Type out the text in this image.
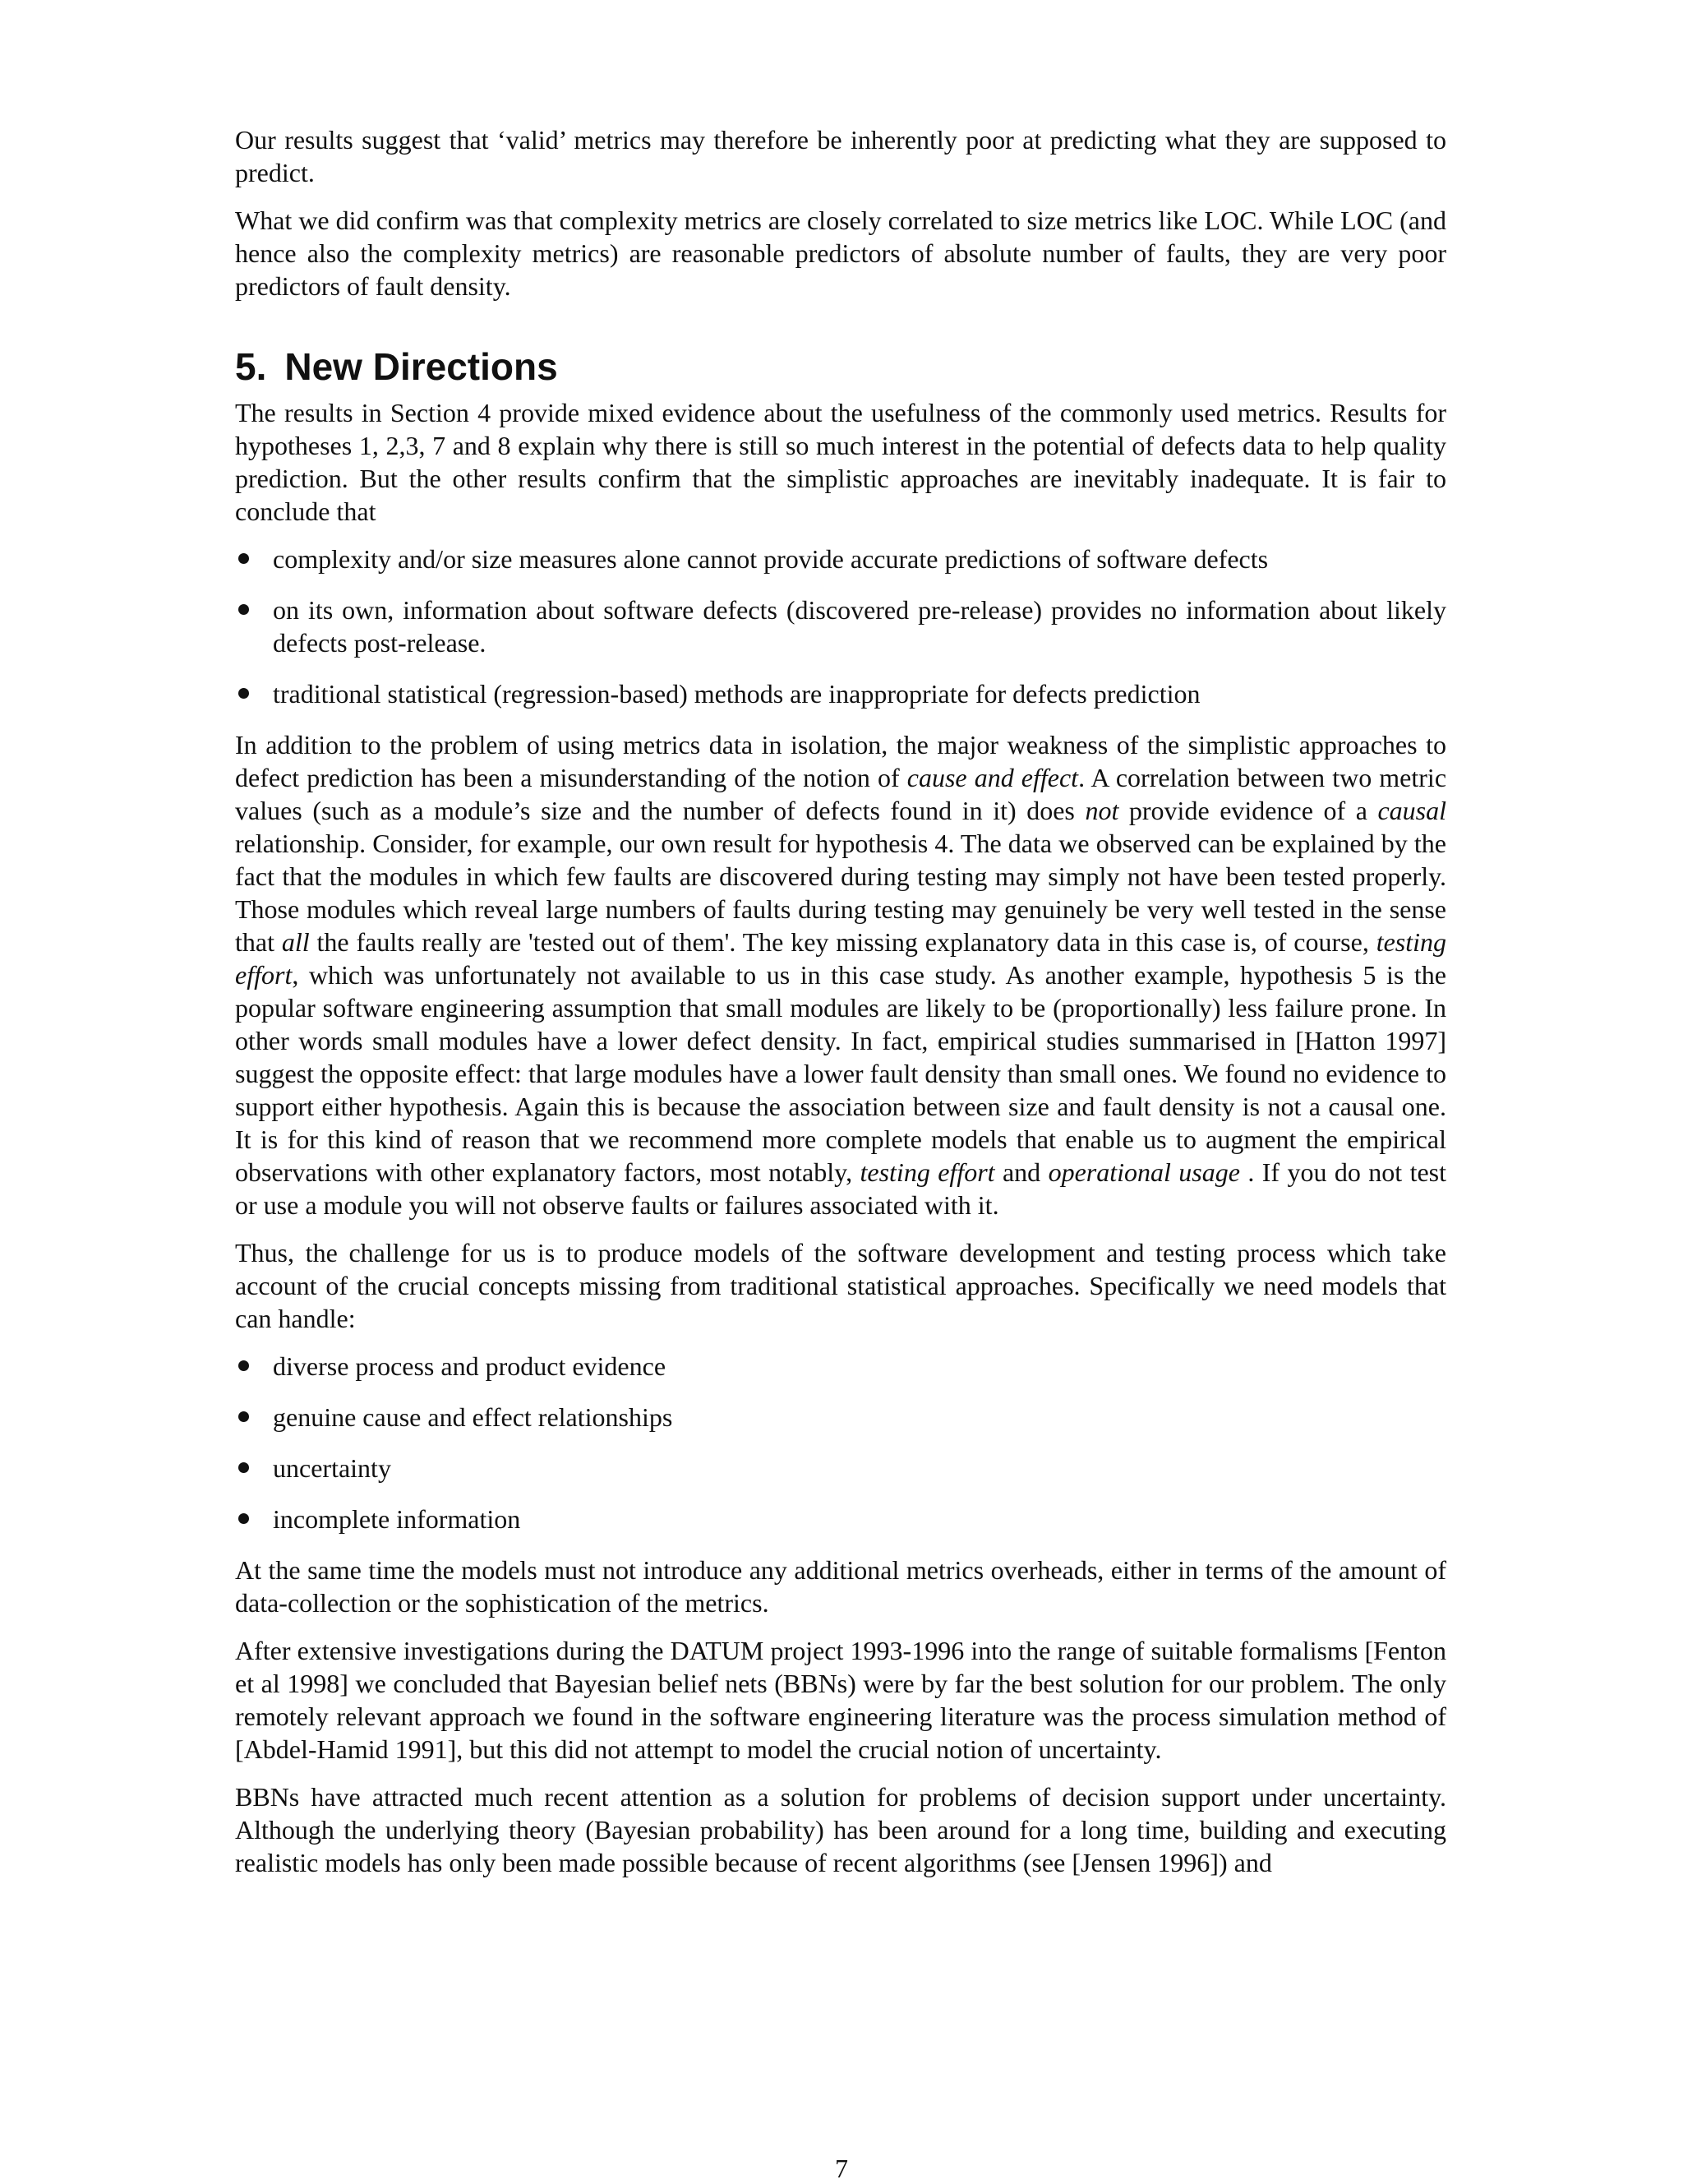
Our results suggest that ‘valid’ metrics may therefore be inherently poor at predicting what they are supposed to predict.

What we did confirm was that complexity metrics are closely correlated to size metrics like LOC. While LOC (and hence also the complexity metrics) are reasonable predictors of absolute number of faults, they are very poor predictors of fault density.

5. New Directions

The results in Section 4 provide mixed evidence about the usefulness of the commonly used metrics. Results for hypotheses 1, 2,3, 7 and 8 explain why there is still so much interest in the potential of defects data to help quality prediction. But the other results confirm that the simplistic approaches are inevitably inadequate. It is fair to conclude that

complexity and/or size measures alone cannot provide accurate predictions of software defects
on its own, information about software defects (discovered pre-release) provides no information about likely defects post-release.
traditional statistical (regression-based) methods are inappropriate for defects prediction

In addition to the problem of using metrics data in isolation, the major weakness of the simplistic approaches to defect prediction has been a misunderstanding of the notion of cause and effect. A correlation between two metric values (such as a module’s size and the number of defects found in it) does not provide evidence of a causal relationship. Consider, for example, our own result for hypothesis 4. The data we observed can be explained by the fact that the modules in which few faults are discovered during testing may simply not have been tested properly. Those modules which reveal large numbers of faults during testing may genuinely be very well tested in the sense that all the faults really are 'tested out of them'. The key missing explanatory data in this case is, of course, testing effort, which was unfortunately not available to us in this case study. As another example, hypothesis 5 is the popular software engineering assumption that small modules are likely to be (proportionally) less failure prone. In other words small modules have a lower defect density. In fact, empirical studies summarised in [Hatton 1997] suggest the opposite effect: that large modules have a lower fault density than small ones. We found no evidence to support either hypothesis. Again this is because the association between size and fault density is not a causal one. It is for this kind of reason that we recommend more complete models that enable us to augment the empirical observations with other explanatory factors, most notably, testing effort and operational usage . If you do not test or use a module you will not observe faults or failures associated with it.

Thus, the challenge for us is to produce models of the software development and testing process which take account of the crucial concepts missing from traditional statistical approaches. Specifically we need models that can handle:

diverse process and product evidence
genuine cause and effect relationships
uncertainty
incomplete information

At the same time the models must not introduce any additional metrics overheads, either in terms of the amount of data-collection or the sophistication of the metrics.

After extensive investigations during the DATUM project 1993-1996 into the range of suitable formalisms [Fenton et al 1998] we concluded that Bayesian belief nets (BBNs) were by far the best solution for our problem. The only remotely relevant approach we found in the software engineering literature was the process simulation method of [Abdel-Hamid 1991], but this did not attempt to model the crucial notion of uncertainty.

BBNs have attracted much recent attention as a solution for problems of decision support under uncertainty. Although the underlying theory (Bayesian probability) has been around for a long time, building and executing realistic models has only been made possible because of recent algorithms (see [Jensen 1996]) and

7
